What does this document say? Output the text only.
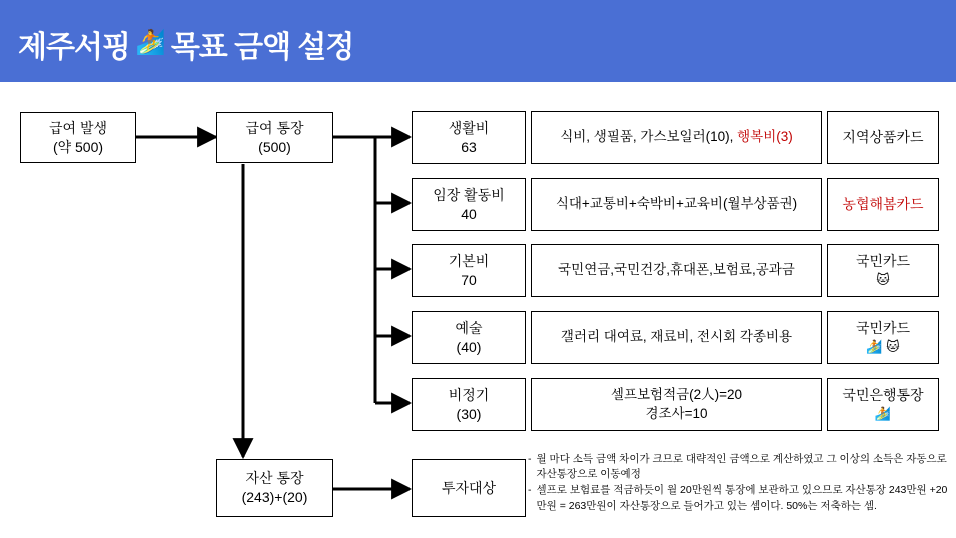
제주서핑 🏄 목표 금액 설정
급여 발생
(약 500)
급여 통장
(500)
자산 통장
(243)+(20)
투자대상
생활비
63
식비, 생필품, 가스보일러(10), 행복비(3)	지역상품카드
임장 활동비
40
식대+교통비+숙박비+교육비(월부상품권)	농협해봄카드
기본비
70
국민연금,국민건강,휴대폰,보험료,공과금
국민카드
🐱
예술
(40)
갤러리 대여료, 재료비, 전시회 각종비용
국민카드
🏄 🐱
비정기
(30)
셀프보험적금(2人)=20
경조사=10
국민은행통장
🏄
- 월 마다 소득 금액 차이가 크므로 대략적인 금액으로 계산하였고 그 이상의 소득은 자동으로 자산통장으로 이동예정
- 셀프로 보험료를 적금하듯이 월 20만원씩 통장에 보관하고 있으므로 자산통장 243만원 +20만원 = 263만원이 자산통장으로 들어가고 있는 셈이다. 50%는 저축하는 셈.
